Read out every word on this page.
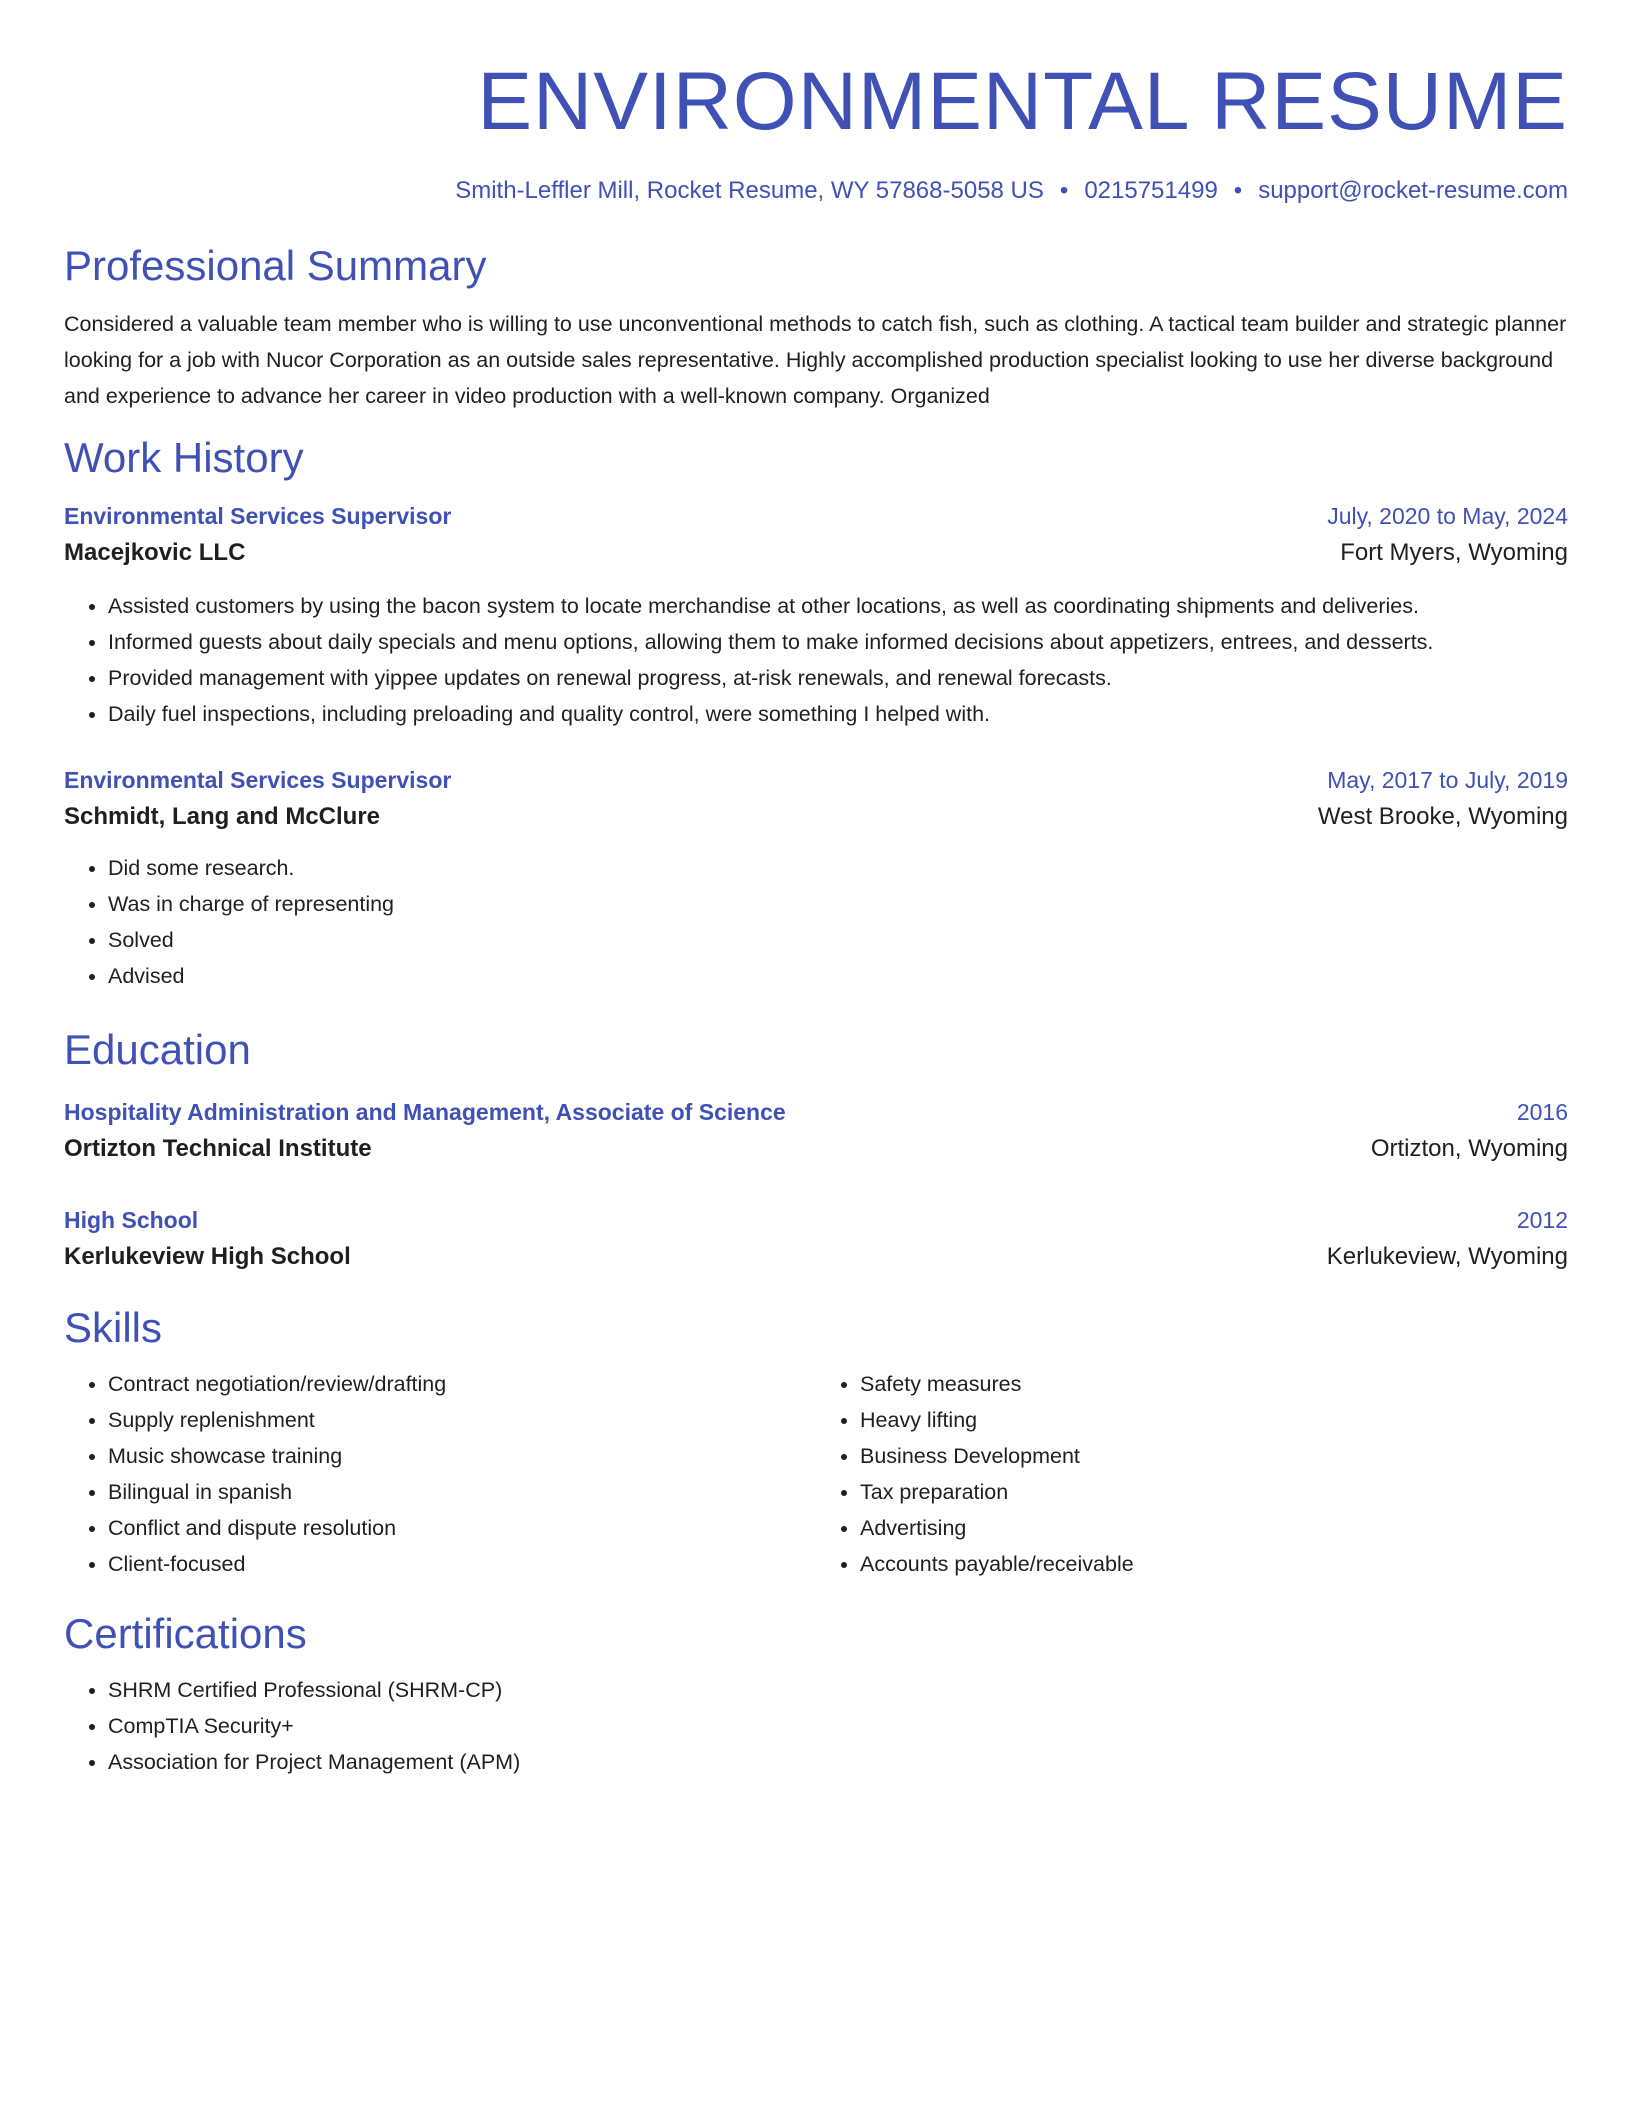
ENVIRONMENTAL RESUME
Smith-Leffler Mill, Rocket Resume, WY 57868-5058 US • 0215751499 • support@rocket-resume.com
Professional Summary

Considered a valuable team member who is willing to use unconventional methods to catch fish, such as clothing. A tactical team builder and strategic planner looking for a job with Nucor Corporation as an outside sales representative. Highly accomplished production specialist looking to use her diverse background and experience to advance her career in video production with a well-known company. Organized

Work History
Environmental Services Supervisor	July, 2020 to May, 2024
Macejkovic LLC	Fort Myers, Wyoming
• Assisted customers by using the bacon system to locate merchandise at other locations, as well as coordinating shipments and deliveries.
• Informed guests about daily specials and menu options, allowing them to make informed decisions about appetizers, entrees, and desserts.
• Provided management with yippee updates on renewal progress, at-risk renewals, and renewal forecasts.
• Daily fuel inspections, including preloading and quality control, were something I helped with.
Environmental Services Supervisor	May, 2017 to July, 2019
Schmidt, Lang and McClure	West Brooke, Wyoming
• Did some research.
• Was in charge of representing
• Solved
• Advised
Education
Hospitality Administration and Management, Associate of Science	2016
Ortizton Technical Institute	Ortizton, Wyoming
High School	2012
Kerlukeview High School	Kerlukeview, Wyoming
Skills
• Contract negotiation/review/drafting
• Supply replenishment
• Music showcase training
• Bilingual in spanish
• Conflict and dispute resolution
• Client-focused
• Safety measures
• Heavy lifting
• Business Development
• Tax preparation
• Advertising
• Accounts payable/receivable
Certifications
• SHRM Certified Professional (SHRM-CP)
• CompTIA Security+
• Association for Project Management (APM)
